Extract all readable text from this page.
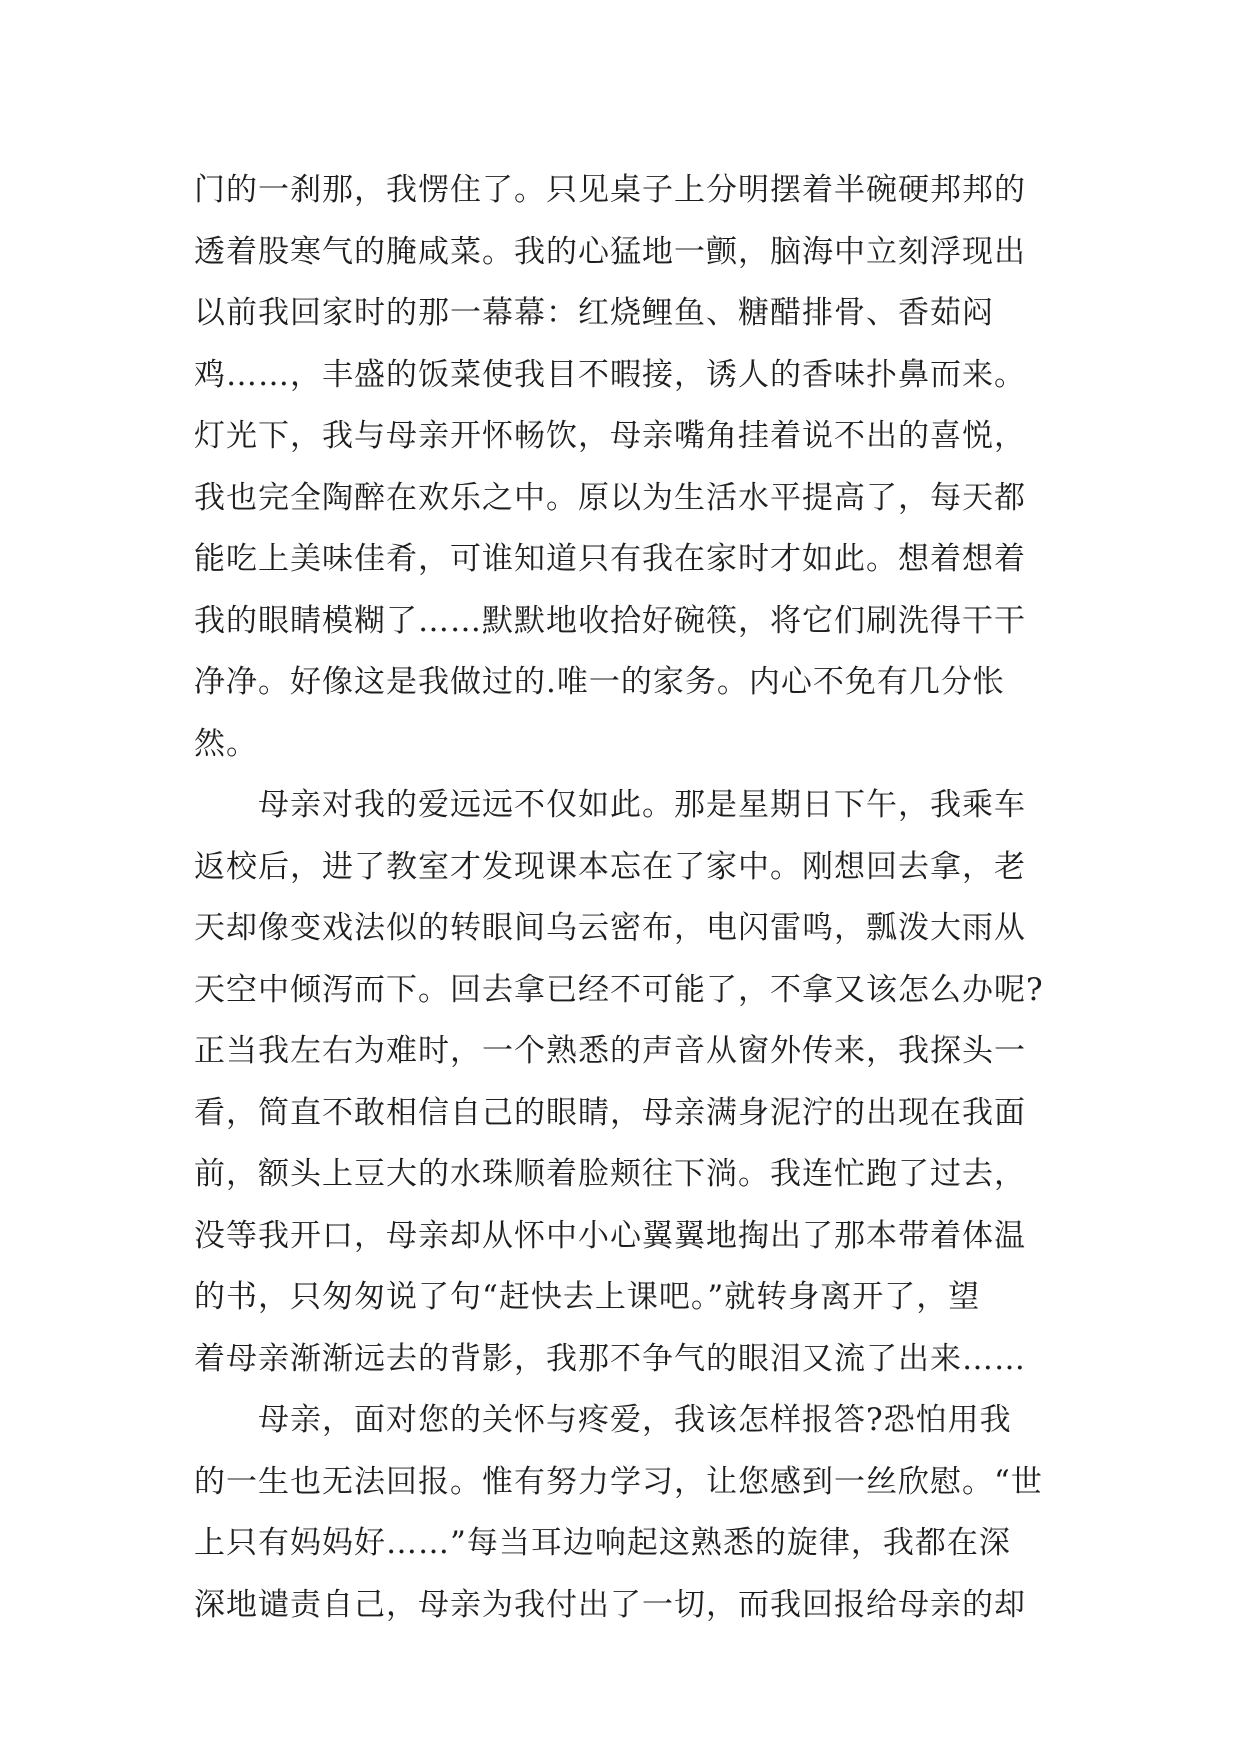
门的一刹那，我愣住了。只见桌子上分明摆着半碗硬邦邦的
透着股寒气的腌咸菜。我的心猛地一颤，脑海中立刻浮现出
以前我回家时的那一幕幕：红烧鲤鱼、糖醋排骨、香茹闷
鸡……，丰盛的饭菜使我目不暇接，诱人的香味扑鼻而来。
灯光下，我与母亲开怀畅饮，母亲嘴角挂着说不出的喜悦，
我也完全陶醉在欢乐之中。原以为生活水平提高了，每天都
能吃上美味佳肴，可谁知道只有我在家时才如此。想着想着
我的眼睛模糊了……默默地收拾好碗筷，将它们刷洗得干干
净净。好像这是我做过的.唯一的家务。内心不免有几分怅
然。
　　母亲对我的爱远远不仅如此。那是星期日下午，我乘车
返校后，进了教室才发现课本忘在了家中。刚想回去拿，老
天却像变戏法似的转眼间乌云密布，电闪雷鸣，瓢泼大雨从
天空中倾泻而下。回去拿已经不可能了，不拿又该怎么办呢?
正当我左右为难时，一个熟悉的声音从窗外传来，我探头一
看，简直不敢相信自己的眼睛，母亲满身泥泞的出现在我面
前，额头上豆大的水珠顺着脸颊往下淌。我连忙跑了过去，
没等我开口，母亲却从怀中小心翼翼地掏出了那本带着体温
的书，只匆匆说了句“赶快去上课吧。”就转身离开了，望
着母亲渐渐远去的背影，我那不争气的眼泪又流了出来……
　　母亲，面对您的关怀与疼爱，我该怎样报答?恐怕用我
的一生也无法回报。惟有努力学习，让您感到一丝欣慰。“世
上只有妈妈好……”每当耳边响起这熟悉的旋律，我都在深
深地谴责自己，母亲为我付出了一切，而我回报给母亲的却
